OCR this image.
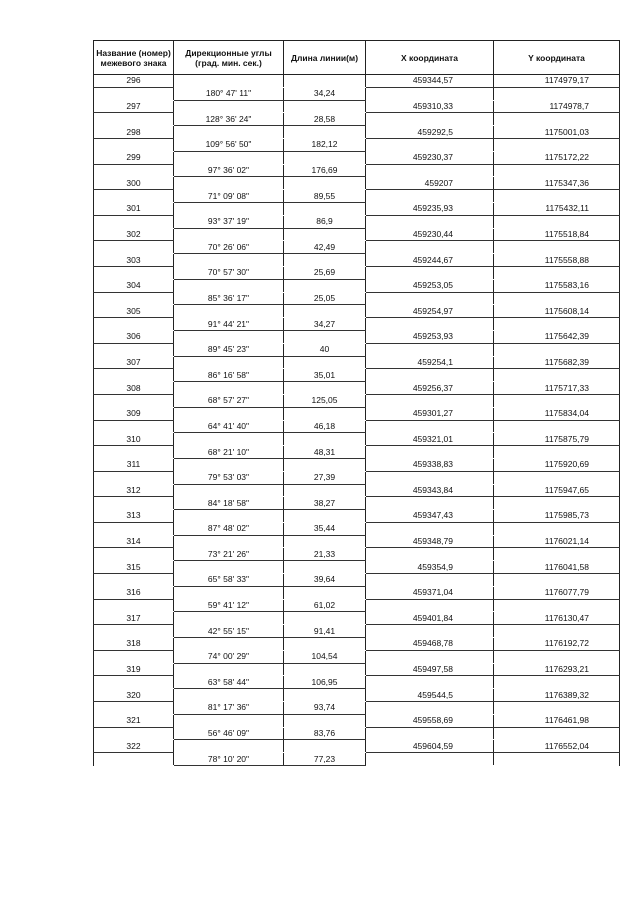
Название (номер) межевого знака	Дирекционные углы (град. мин. сек.)	Длина линии(м)	X координата	Y координата
296			459344,57	1174979,17
	180° 47' 11"	34,24		
297			459310,33	1174978,7
	128° 36' 24"	28,58		
298			459292,5	1175001,03
	109° 56' 50"	182,12		
299			459230,37	1175172,22
	97° 36' 02"	176,69		
300			459207	1175347,36
	71° 09' 08"	89,55		
301			459235,93	1175432,11
	93° 37' 19"	86,9		
302			459230,44	1175518,84
	70° 26' 06"	42,49		
303			459244,67	1175558,88
	70° 57' 30"	25,69		
304			459253,05	1175583,16
	85° 36' 17"	25,05		
305			459254,97	1175608,14
	91° 44' 21"	34,27		
306			459253,93	1175642,39
	89° 45' 23"	40		
307			459254,1	1175682,39
	86° 16' 58"	35,01		
308			459256,37	1175717,33
	68° 57' 27"	125,05		
309			459301,27	1175834,04
	64° 41' 40"	46,18		
310			459321,01	1175875,79
	68° 21' 10"	48,31		
311			459338,83	1175920,69
	79° 53' 03"	27,39		
312			459343,84	1175947,65
	84° 18' 58"	38,27		
313			459347,43	1175985,73
	87° 48' 02"	35,44		
314			459348,79	1176021,14
	73° 21' 26"	21,33		
315			459354,9	1176041,58
	65° 58' 33"	39,64		
316			459371,04	1176077,79
	59° 41' 12"	61,02		
317			459401,84	1176130,47
	42° 55' 15"	91,41		
318			459468,78	1176192,72
	74° 00' 29"	104,54		
319			459497,58	1176293,21
	63° 58' 44"	106,95		
320			459544,5	1176389,32
	81° 17' 36"	93,74		
321			459558,69	1176461,98
	56° 46' 09"	83,76		
322			459604,59	1176552,04
	78° 10' 20"	77,23		
